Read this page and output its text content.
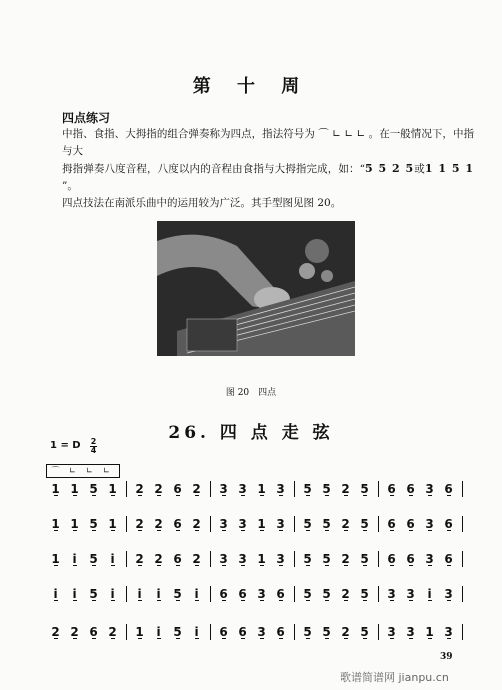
第 十 周
四点练习
中指、食指、大拇指的组合弹奏称为四点，指法符号为 ⌒ ∟ ∟ ∟ 。在一般情况下，中指与大
拇指弹奏八度音程，八度以内的音程由食指与大拇指完成，如：“5 5 2 5或1 1 5 1”。
四点技法在南派乐曲中的运用较为广泛。其手型图见图 20。
图 20　四点
26. 四 点 走 弦
1 = D 2
4
⌒ ∟ ∟ ∟
1 1 5 1 2 2 6 2 3 3 1 3 5 5 2 5 6 6 3 6
1 1 5 1 2 2 6 2 3 3 1 3 5 5 2 5 6 6 3 6
1	i	5	i	2 2 6 2 3 3 1 3 5 5 2 5 6 6 3 6
i	i	5	i	i	i	5	i	6 6 3 6 5 5 2 5 3 3	i	3
2 2 6 2 1	i	5	i	6 6 3 6 5 5 2 5 3 3 1 3
39
歌谱简谱网 jianpu.cn
